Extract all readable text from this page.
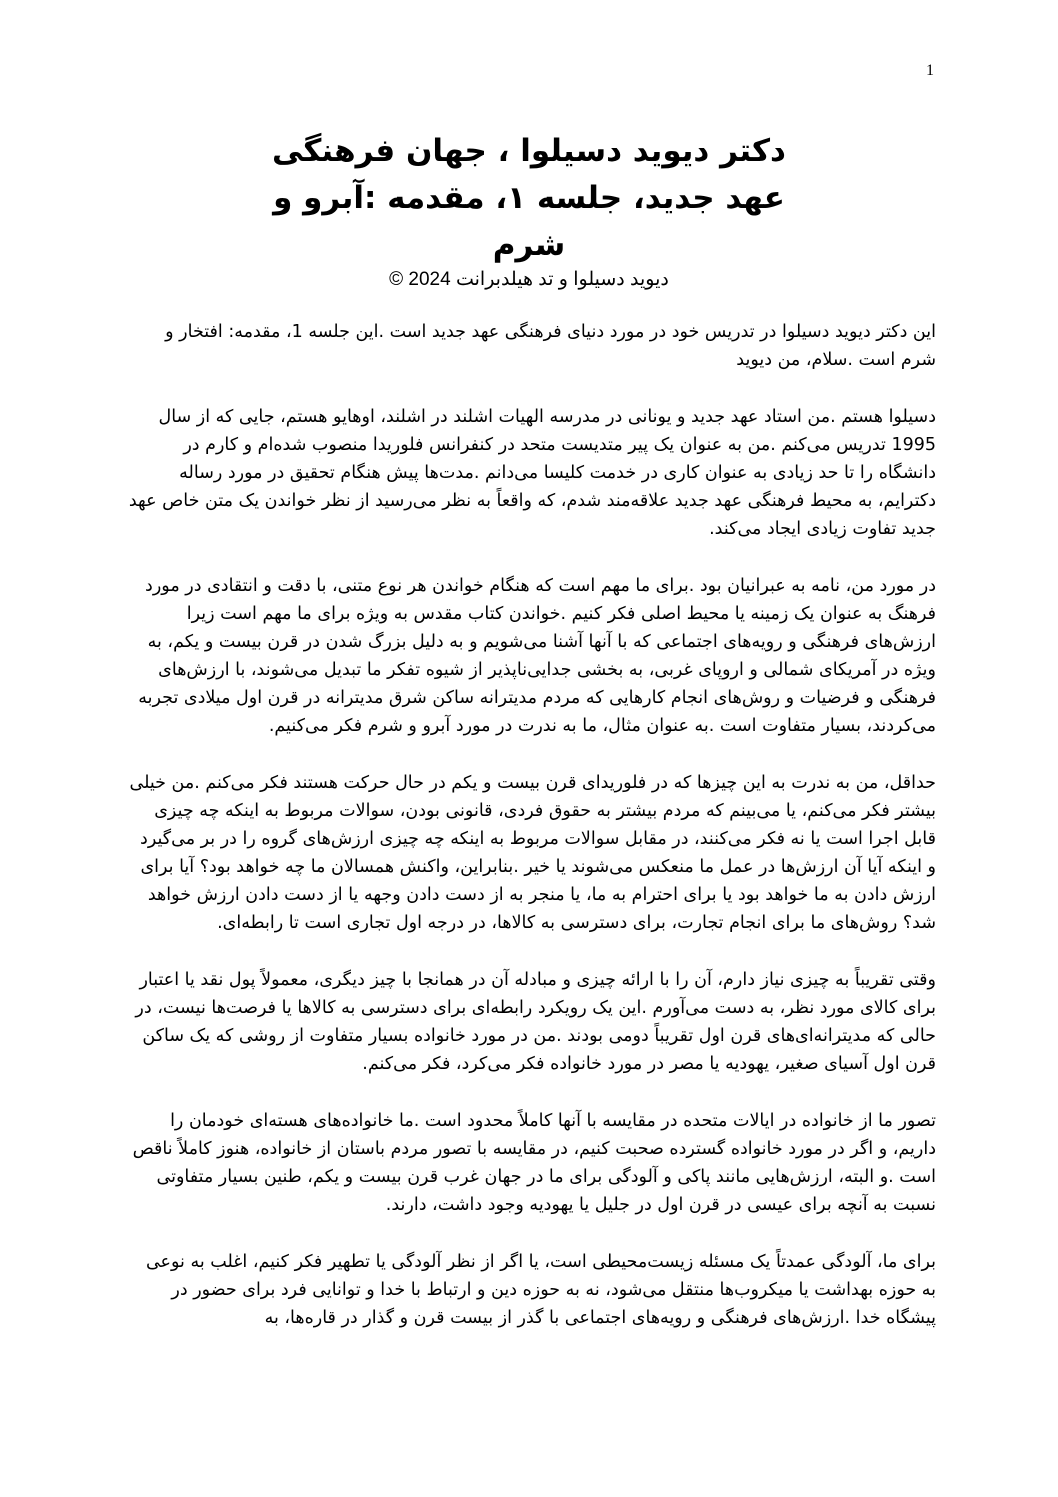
1
دکتر دیوید دسیلوا ، جهان فرهنگی
عهد جدید، جلسه ۱، مقدمه :آبرو و
شرم
دیوید دسیلوا و تد هیلدبرانت 2024 ©

این دکتر دیوید دسیلوا در تدریس خود در مورد دنیای فرهنگی عهد جدید است .این جلسه 1، مقدمه: افتخار و شرم است .سلام، من دیوید

دسیلوا هستم .من استاد عهد جدید و یونانی در مدرسه الهیات اشلند در اشلند، اوهایو هستم، جایی که از سال 1995 تدریس می‌کنم .من به عنوان یک پیر متدیست متحد در کنفرانس فلوریدا منصوب شده‌ام و کارم در دانشگاه را تا حد زیادی به عنوان کاری در خدمت کلیسا می‌دانم .مدت‌ها پیش هنگام تحقیق در مورد رساله دکترایم، به محیط فرهنگی عهد جدید علاقه‌مند شدم، که واقعاً به نظر می‌رسید از نظر خواندن یک متن خاص عهد جدید تفاوت زیادی ایجاد می‌کند.

در مورد من، نامه به عبرانیان بود .برای ما مهم است که هنگام خواندن هر نوع متنی، با دقت و انتقادی در مورد فرهنگ به عنوان یک زمینه یا محیط اصلی فکر کنیم .خواندن کتاب مقدس به ویژه برای ما مهم است زیرا ارزش‌های فرهنگی و رویه‌های اجتماعی که با آنها آشنا می‌شویم و به دلیل بزرگ شدن در قرن بیست و یکم، به ویژه در آمریکای شمالی و اروپای غربی، به بخشی جدایی‌ناپذیر از شیوه تفکر ما تبدیل می‌شوند، با ارزش‌های فرهنگی و فرضیات و روش‌های انجام کارهایی که مردم مدیترانه ساکن شرق مدیترانه در قرن اول میلادی تجربه می‌کردند، بسیار متفاوت است .به عنوان مثال، ما به ندرت در مورد آبرو و شرم فکر می‌کنیم.

حداقل، من به ندرت به این چیزها که در فلوریدای قرن بیست و یکم در حال حرکت هستند فکر می‌کنم .من خیلی بیشتر فکر می‌کنم، یا می‌بینم که مردم بیشتر به حقوق فردی، قانونی بودن، سوالات مربوط به اینکه چه چیزی قابل اجرا است یا نه فکر می‌کنند، در مقابل سوالات مربوط به اینکه چه چیزی ارزش‌های گروه را در بر می‌گیرد و اینکه آیا آن ارزش‌ها در عمل ما منعکس می‌شوند یا خیر .بنابراین، واکنش همسالان ما چه خواهد بود؟ آیا برای ارزش دادن به ما خواهد بود یا برای احترام به ما، یا منجر به از دست دادن وجهه یا از دست دادن ارزش خواهد شد؟ روش‌های ما برای انجام تجارت، برای دسترسی به کالاها، در درجه اول تجاری است تا رابطه‌ای.

وقتی تقریباً به چیزی نیاز دارم، آن را با ارائه چیزی و مبادله آن در همانجا با چیز دیگری، معمولاً پول نقد یا اعتبار برای کالای مورد نظر، به دست می‌آورم .این یک رویکرد رابطه‌ای برای دسترسی به کالاها یا فرصت‌ها نیست، در حالی که مدیترانه‌ای‌های قرن اول تقریباً دومی بودند .من در مورد خانواده بسیار متفاوت از روشی که یک ساکن قرن اول آسیای صغیر، یهودیه یا مصر در مورد خانواده فکر می‌کرد، فکر می‌کنم.

تصور ما از خانواده در ایالات متحده در مقایسه با آنها کاملاً محدود است .ما خانواده‌های هسته‌ای خودمان را داریم، و اگر در مورد خانواده گسترده صحبت کنیم، در مقایسه با تصور مردم باستان از خانواده، هنوز کاملاً ناقص است .و البته، ارزش‌هایی مانند پاکی و آلودگی برای ما در جهان غرب قرن بیست و یکم، طنین بسیار متفاوتی نسبت به آنچه برای عیسی در قرن اول در جلیل یا یهودیه وجود داشت، دارند.

برای ما، آلودگی عمدتاً یک مسئله زیست‌محیطی است، یا اگر از نظر آلودگی یا تطهیر فکر کنیم، اغلب به نوعی به حوزه بهداشت یا میکروب‌ها منتقل می‌شود، نه به حوزه دین و ارتباط با خدا و توانایی فرد برای حضور در پیشگاه خدا .ارزش‌های فرهنگی و رویه‌های اجتماعی با گذر از بیست قرن و گذار در قاره‌ها، به
